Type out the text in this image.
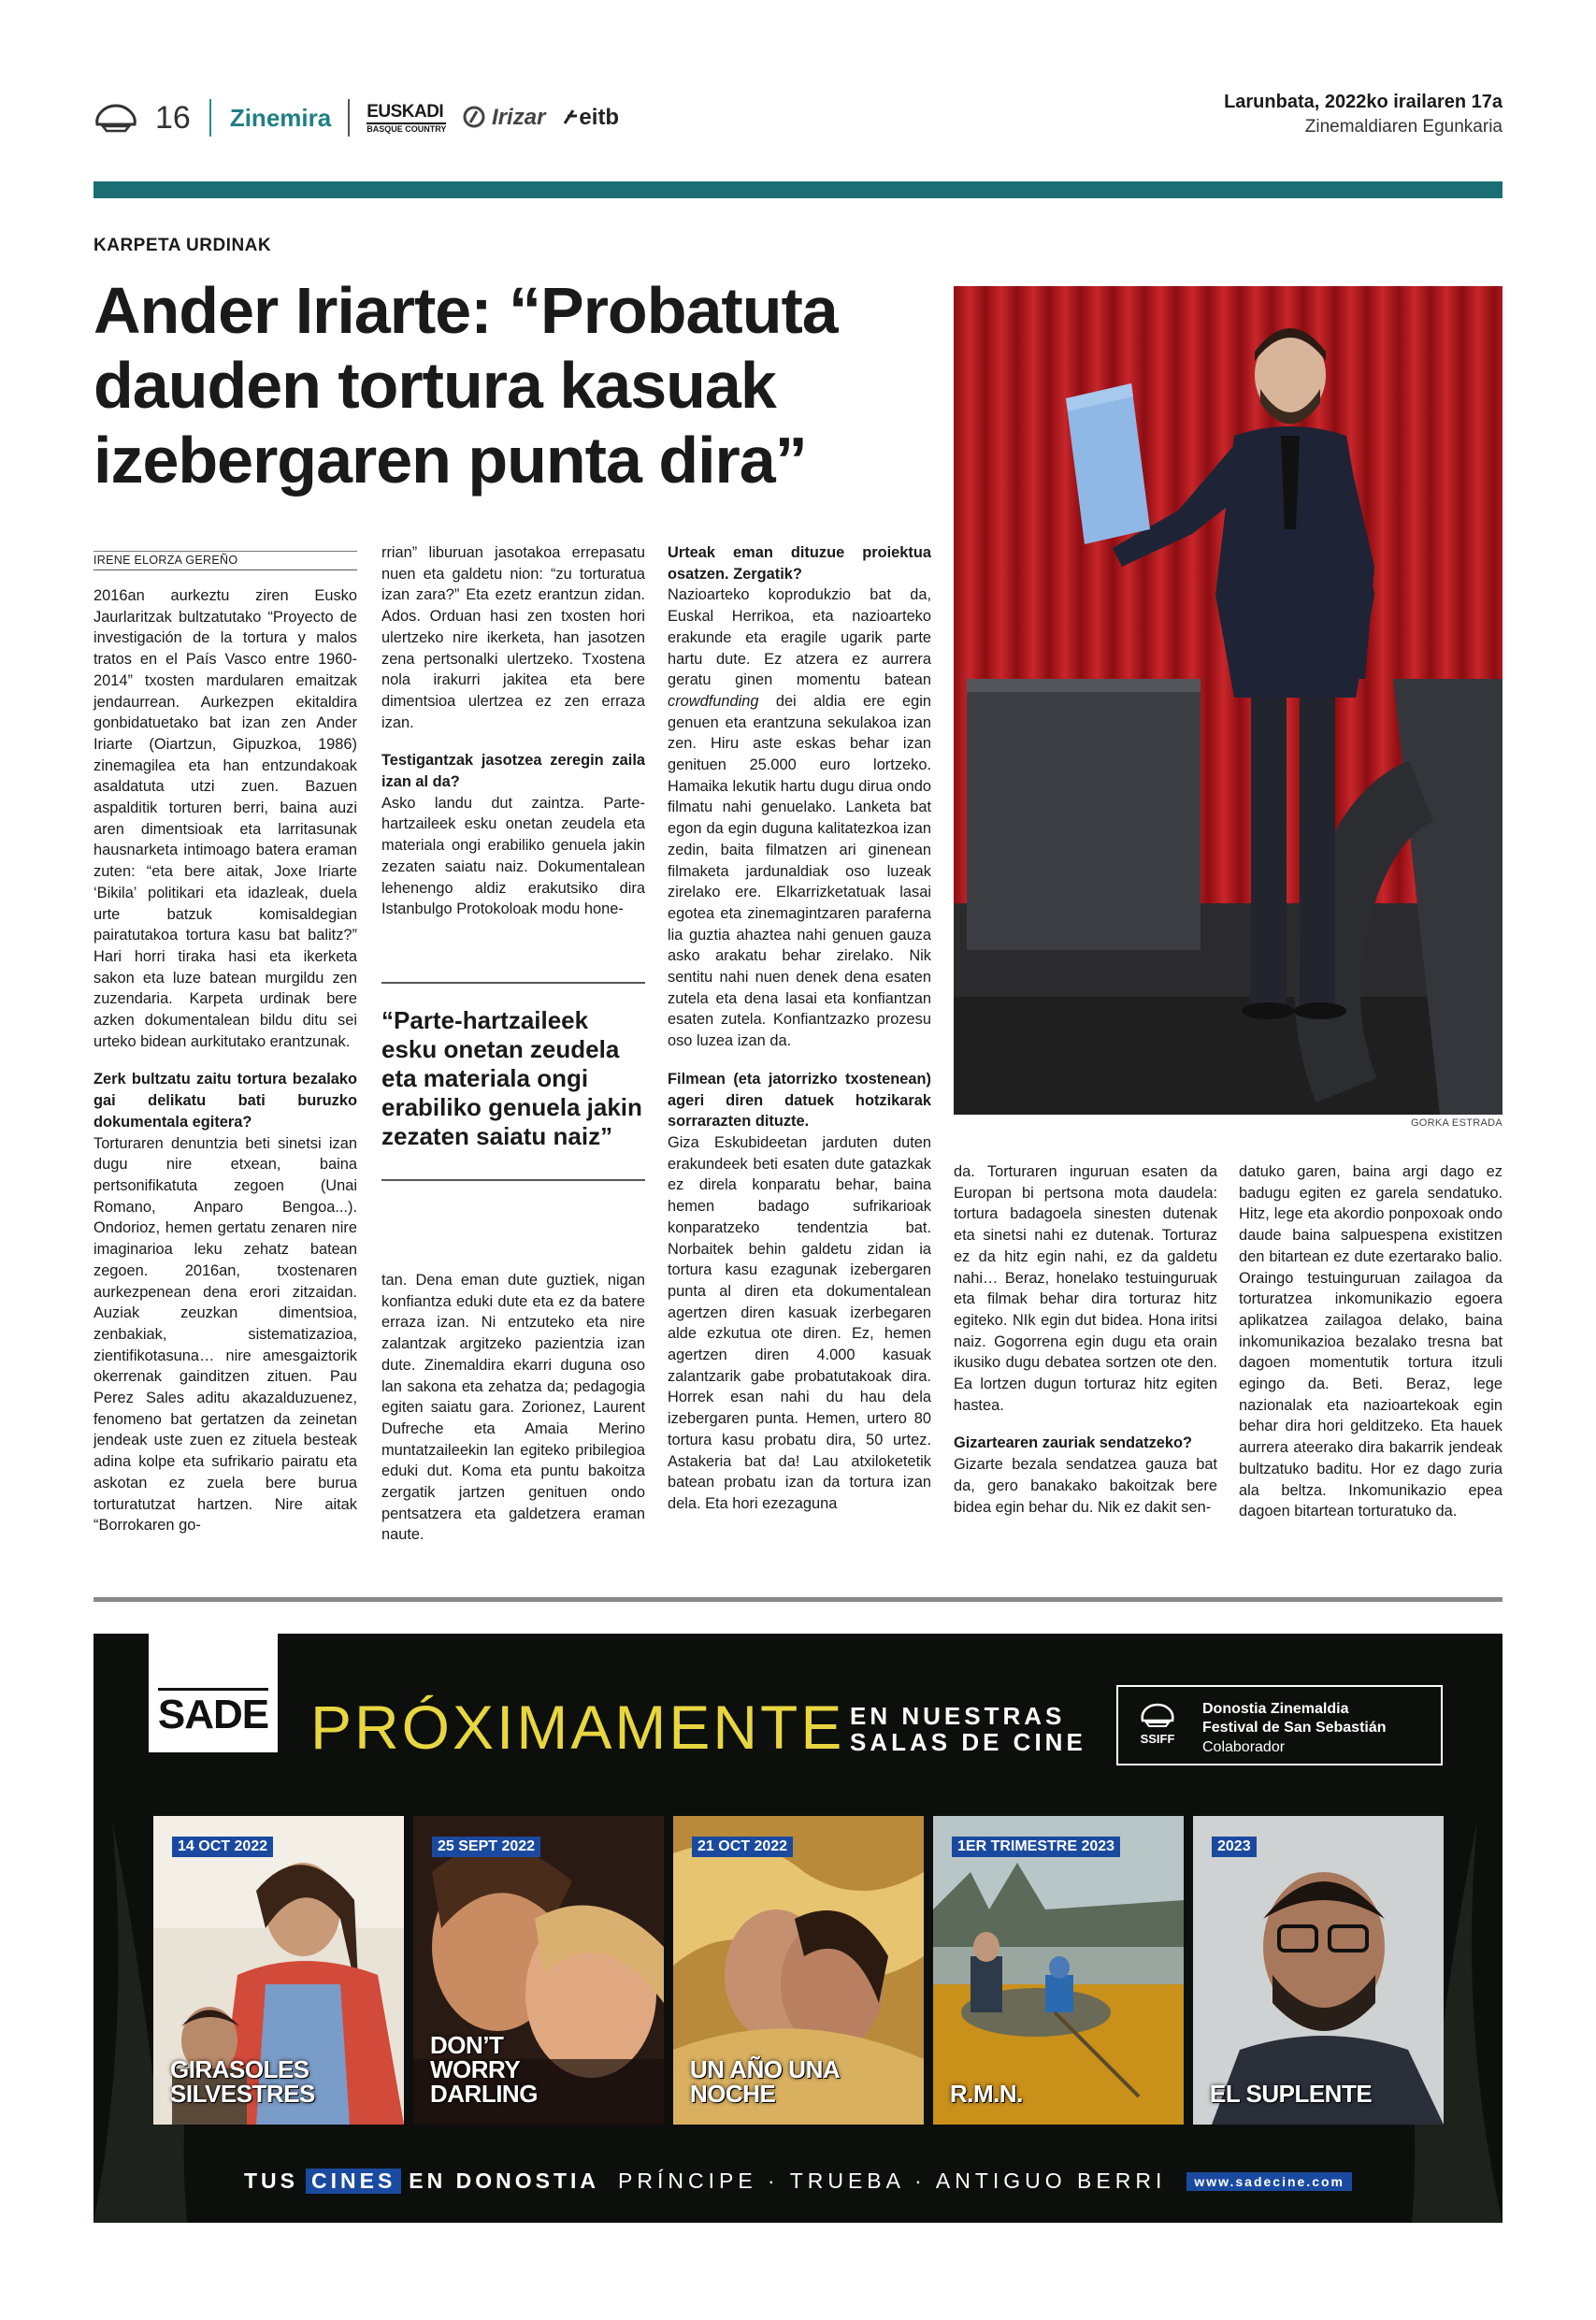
16 Zinemira EUSKADI
BASQUE COUNTRY	Irizar	eitb
Larunbata, 2022ko irailaren 17a
Zinemaldiaren Egunkaria
KARPETA URDINAK
Ander Iriarte: “Probatuta dauden tortura kasuak izebergaren punta dira”
GORKA ESTRADA
IRENE ELORZA GEREÑO

2016an aurkeztu ziren Eusko Jaurlaritzak bultzatutako “Proyecto de investigación de la tortura y malos tratos en el País Vasco entre 1960-2014” txosten mardularen emaitzak jendaurrean. Aurkezpen ekitaldira gonbidatuetako bat izan zen Ander Iriarte (Oiartzun, Gipuzkoa, 1986) zinemagilea eta han entzundakoak asaldatuta utzi zuen. Bazuen aspalditik torturen berri, baina auzi aren dimentsioak eta larritasunak hausnarketa intimoago batera eraman zuten: “eta bere aitak, Joxe Iriarte ‘Bikila’ politikari eta idazleak, duela urte batzuk komisaldegian pairatutakoa tortura kasu bat balitz?” Hari horri tiraka hasi eta ikerketa sakon eta luze batean murgildu zen zuzendaria. Karpeta urdinak bere azken dokumentalean bildu ditu sei urteko bidean aurkitutako erantzunak.

Zerk bultzatu zaitu tortura bezalako gai delikatu bati buruzko dokumentala egitera?

Torturaren denuntzia beti sinetsi izan dugu nire etxean, baina pertsonifikatuta zegoen (Unai Romano, Anparo Bengoa...). Ondorioz, hemen gertatu zenaren nire imaginarioa leku zehatz batean zegoen. 2016an, txostenaren aurkezpenean dena erori zitzaidan. Auziak zeuzkan dimentsioa, zenbakiak, sistematizazioa, zientifikotasuna… nire amesgaiztorik okerrenak gainditzen zituen. Pau Perez Sales aditu akazalduzuenez, fenomeno bat gertatzen da zeinetan jendeak uste zuen ez zituela besteak adina kolpe eta sufrikario pairatu eta askotan ez zuela bere burua torturatutzat hartzen. Nire aitak “Borrokaren go-

rrian” liburuan jasotakoa errepasatu nuen eta galdetu nion: “zu torturatua izan zara?” Eta ezetz erantzun zidan. Ados. Orduan hasi zen txosten hori ulertzeko nire ikerketa, han jasotzen zena pertsonalki ulertzeko. Txostena nola irakurri jakitea eta bere dimentsioa ulertzea ez zen erraza izan.

Testigantzak jasotzea zeregin zaila izan al da?

Asko landu dut zaintza. Parte-hartzaileek esku onetan zeudela eta materiala ongi erabiliko genuela jakin zezaten saiatu naiz. Dokumentalean lehenengo aldiz erakutsiko dira Istanbulgo Protokoloak modu hone-

“Parte-hartzaileek esku onetan zeudela eta materiala ongi erabiliko genuela jakin zezaten saiatu naiz”

tan. Dena eman dute guztiek, nigan konfiantza eduki dute eta ez da batere erraza izan. Ni entzuteko eta nire zalantzak argitzeko pazientzia izan dute. Zinemaldira ekarri duguna oso lan sakona eta zehatza da; pedagogia egiten saiatu gara. Zorionez, Laurent Dufreche eta Amaia Merino muntatzaileekin lan egiteko pribilegioa eduki dut. Koma eta puntu bakoitza zergatik jartzen genituen ondo pentsatzera eta galdetzera eraman naute.

Urteak eman dituzue proiektua osatzen. Zergatik?

Nazioarteko koprodukzio bat da, Euskal Herrikoa, eta nazioarteko erakunde eta eragile ugarik parte hartu dute. Ez atzera ez aurrera geratu ginen momentu batean crowdfunding dei aldia ere egin genuen eta erantzuna sekulakoa izan zen. Hiru aste eskas behar izan genituen 25.000 euro lortzeko. Hamaika lekutik hartu dugu dirua ondo filmatu nahi genuelako. Lanketa bat egon da egin duguna kalitatezkoa izan zedin, baita filmatzen ari ginenean filmaketa jardunaldiak oso luzeak zirelako ere. Elkarrizketatuak lasai egotea eta zinemagintzaren paraferna lia guztia ahaztea nahi genuen gauza asko arakatu behar zirelako. Nik sentitu nahi nuen denek dena esaten zutela eta dena lasai eta konfiantzan esaten zutela. Konfiantzazko prozesu oso luzea izan da.

Filmean (eta jatorrizko txostenean) ageri diren datuek hotzikarak sorrarazten dituzte.

Giza Eskubideetan jarduten duten erakundeek beti esaten dute gatazkak ez direla konparatu behar, baina hemen badago sufrikarioak konparatzeko tendentzia bat. Norbaitek behin galdetu zidan ia tortura kasu ezagunak izebergaren punta al diren eta dokumentalean agertzen diren kasuak izerbegaren alde ezkutua ote diren. Ez, hemen agertzen diren 4.000 kasuak zalantzarik gabe probatutakoak dira. Horrek esan nahi du hau dela izebergaren punta. Hemen, urtero 80 tortura kasu probatu dira, 50 urtez. Astakeria bat da! Lau atxiloketetik batean probatu izan da tortura izan dela. Eta hori ezezaguna

da. Torturaren inguruan esaten da Europan bi pertsona mota daudela: tortura badagoela sinesten dutenak eta sinetsi nahi ez dutenak. Torturaz ez da hitz egin nahi, ez da galdetu nahi… Beraz, honelako testuinguruak eta filmak behar dira torturaz hitz egiteko. NIk egin dut bidea. Hona iritsi naiz. Gogorrena egin dugu eta orain ikusiko dugu debatea sortzen ote den. Ea lortzen dugun torturaz hitz egiten hastea.

Gizartearen zauriak sendatzeko?

Gizarte bezala sendatzea gauza bat da, gero banakako bakoitzak bere bidea egin behar du. Nik ez dakit sen-

datuko garen, baina argi dago ez badugu egiten ez garela sendatuko. Hitz, lege eta akordio ponpoxoak ondo daude baina salpuespena existitzen den bitartean ez dute ezertarako balio. Oraingo testuinguruan zailagoa da torturatzea inkomunikazio egoera aplikatzea zailagoa delako, baina inkomunikazioa bezalako tresna bat dagoen momentutik tortura itzuli egingo da. Beti. Beraz, lege nazionalak eta nazioartekoak egin behar dira hori gelditzeko. Eta hauek aurrera ateerako dira bakarrik jendeak bultzatuko baditu. Hor ez dago zuria ala beltza. Inkomunikazio epea dagoen bitartean torturatuko da.

SADE PRÓXIMAMENTE EN NUESTRAS
SALAS DE CINE	SSIFF
Donostia Zinemaldia
Festival de San Sebastián
Colaborador
14 OCT 2022
GIRASOLES SILVESTRES
25 SEPT 2022
DON’T WORRY DARLING
21 OCT 2022
UN AÑO UNA NOCHE
1ER TRIMESTRE 2023
R.M.N.
2023
EL SUPLENTE
TUS CINES EN DONOSTIA PRÍNCIPE · TRUEBA · ANTIGUO BERRI	www.sadecine.com
